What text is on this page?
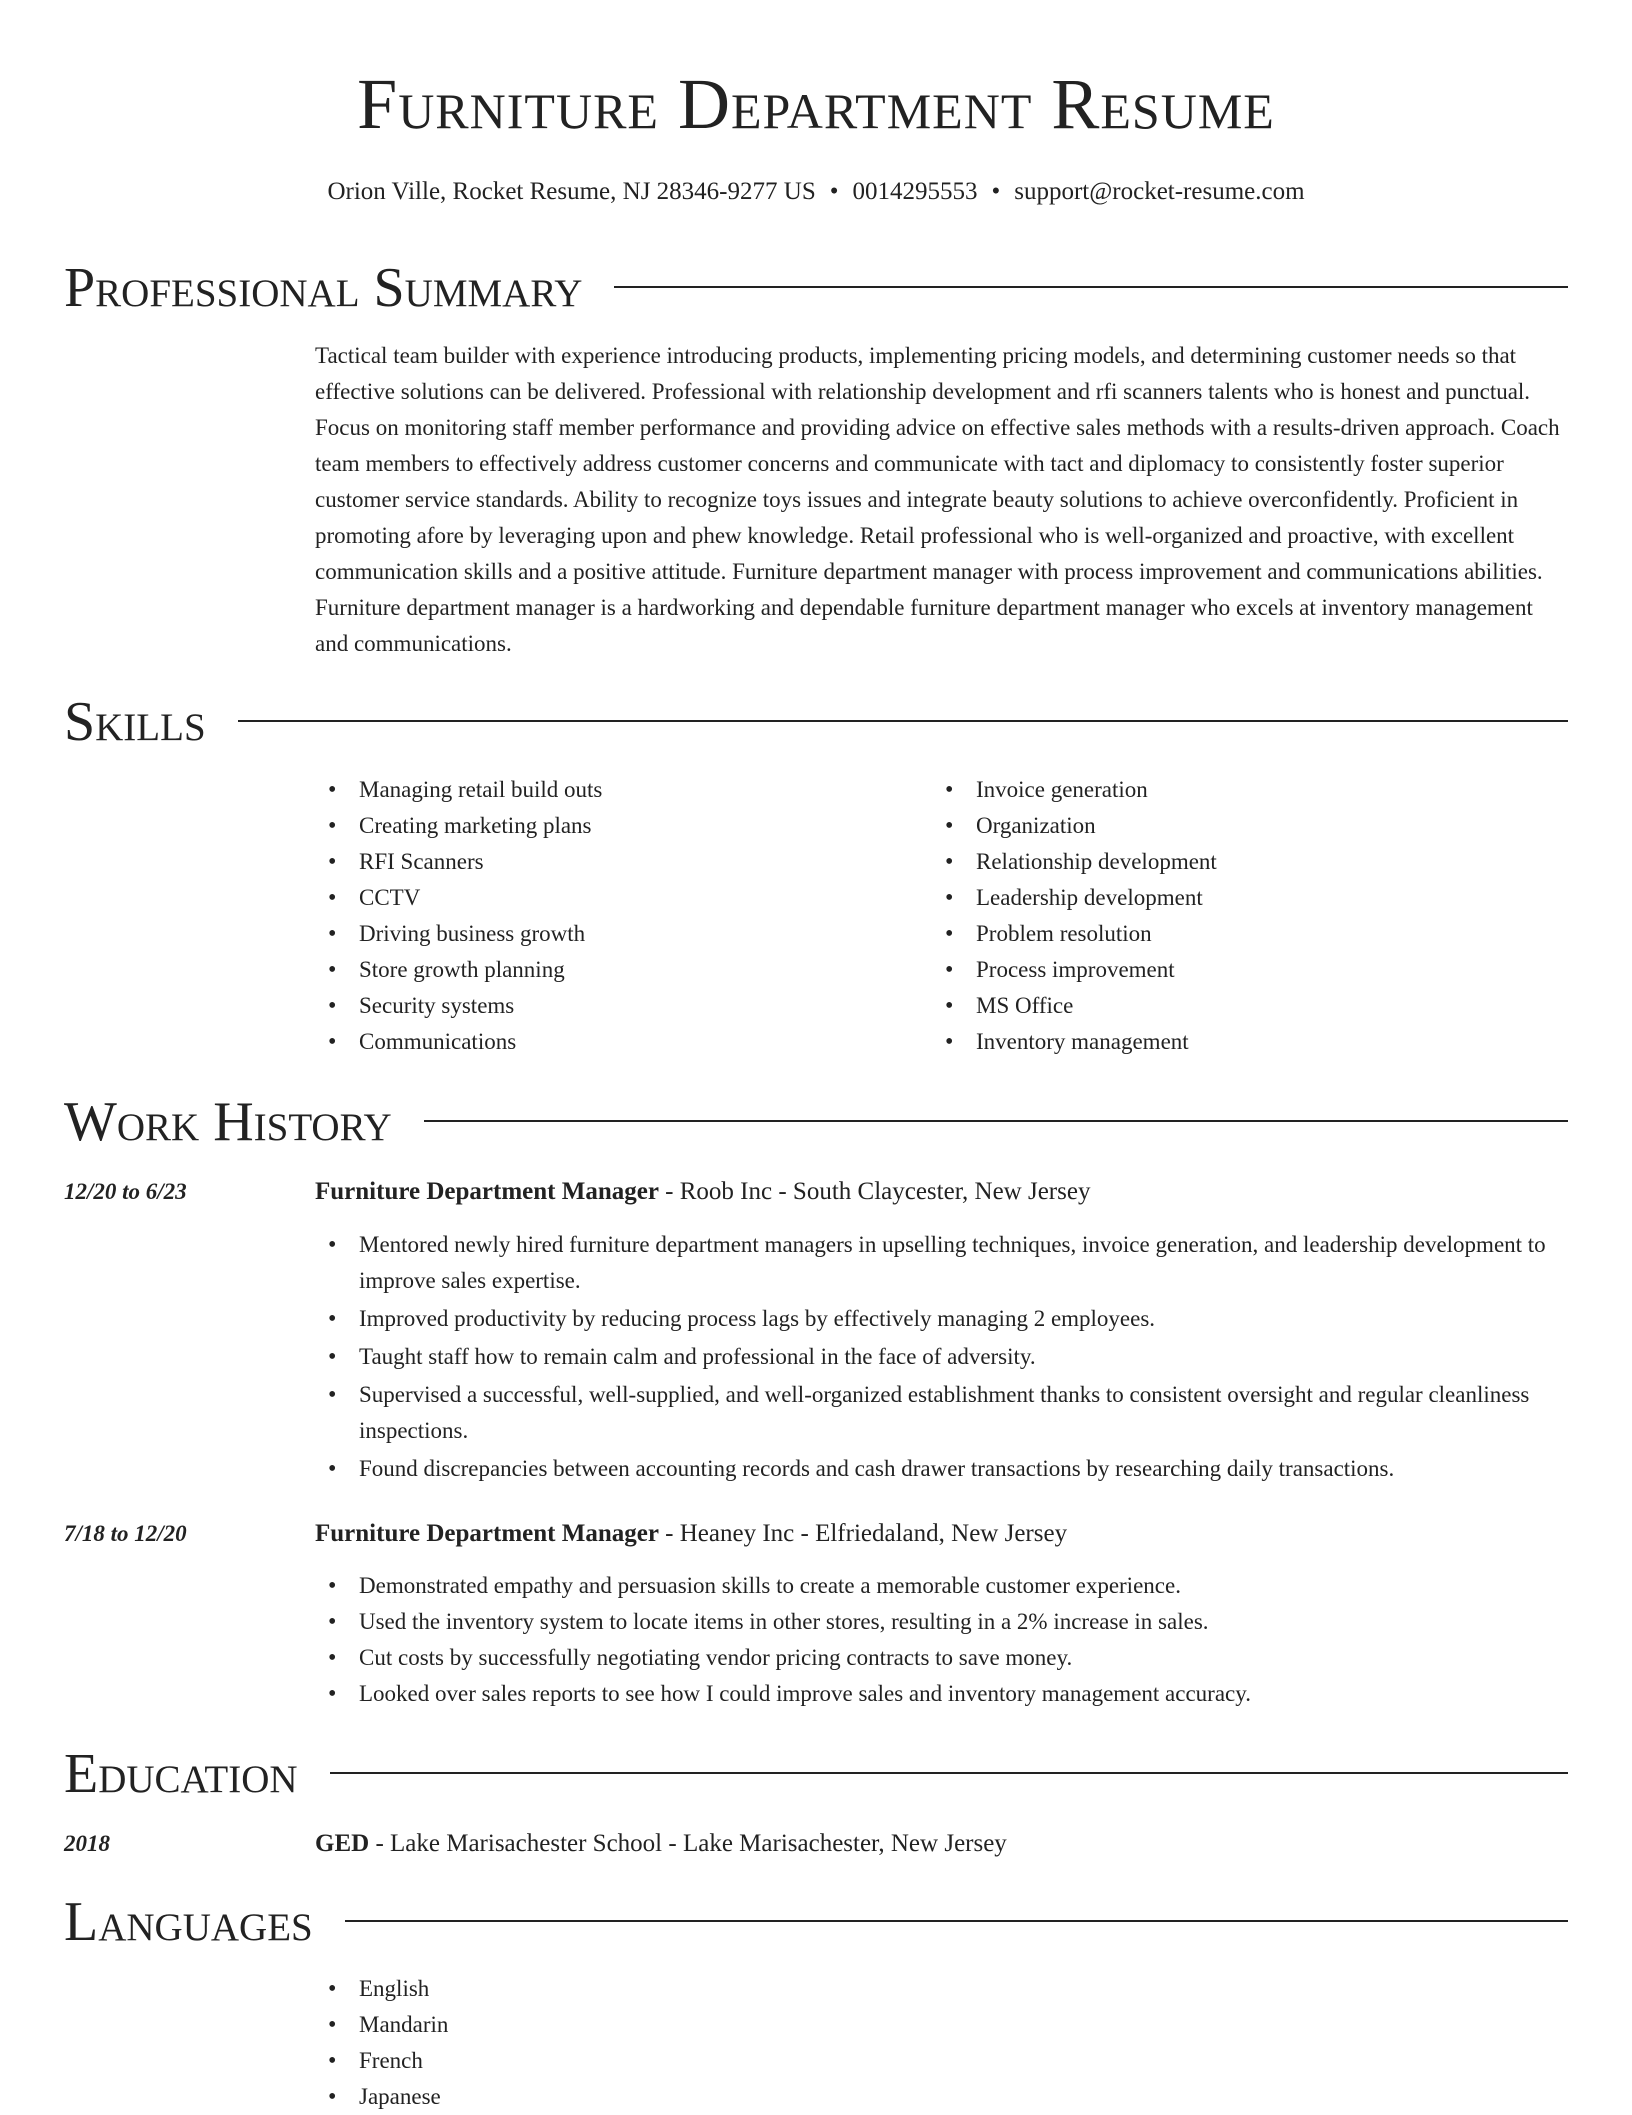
Furniture Department Resume
Orion Ville, Rocket Resume, NJ 28346-9277 US • 0014295553 • support@rocket-resume.com
Professional Summary

Tactical team builder with experience introducing products, implementing pricing models, and determining customer needs so that effective solutions can be delivered. Professional with relationship development and rfi scanners talents who is honest and punctual. Focus on monitoring staff member performance and providing advice on effective sales methods with a results-driven approach. Coach team members to effectively address customer concerns and communicate with tact and diplomacy to consistently foster superior customer service standards. Ability to recognize toys issues and integrate beauty solutions to achieve overconfidently. Proficient in promoting afore by leveraging upon and phew knowledge. Retail professional who is well-organized and proactive, with excellent communication skills and a positive attitude. Furniture department manager with process improvement and communications abilities. Furniture department manager is a hardworking and dependable furniture department manager who excels at inventory management and communications.

Skills
• Managing retail build outs
• Creating marketing plans
• RFI Scanners
• CCTV
• Driving business growth
• Store growth planning
• Security systems
• Communications
• Invoice generation
• Organization
• Relationship development
• Leadership development
• Problem resolution
• Process improvement
• MS Office
• Inventory management
Work History
12/20 to 6/23	Furniture Department Manager - Roob Inc - South Claycester, New Jersey
• Mentored newly hired furniture department managers in upselling techniques, invoice generation, and leadership development to improve sales expertise.
• Improved productivity by reducing process lags by effectively managing 2 employees.
• Taught staff how to remain calm and professional in the face of adversity.
• Supervised a successful, well-supplied, and well-organized establishment thanks to consistent oversight and regular cleanliness inspections.
• Found discrepancies between accounting records and cash drawer transactions by researching daily transactions.
7/18 to 12/20	Furniture Department Manager - Heaney Inc - Elfriedaland, New Jersey
• Demonstrated empathy and persuasion skills to create a memorable customer experience.
• Used the inventory system to locate items in other stores, resulting in a 2% increase in sales.
• Cut costs by successfully negotiating vendor pricing contracts to save money.
• Looked over sales reports to see how I could improve sales and inventory management accuracy.
Education
2018	GED - Lake Marisachester School - Lake Marisachester, New Jersey
Languages
• English
• Mandarin
• French
• Japanese
